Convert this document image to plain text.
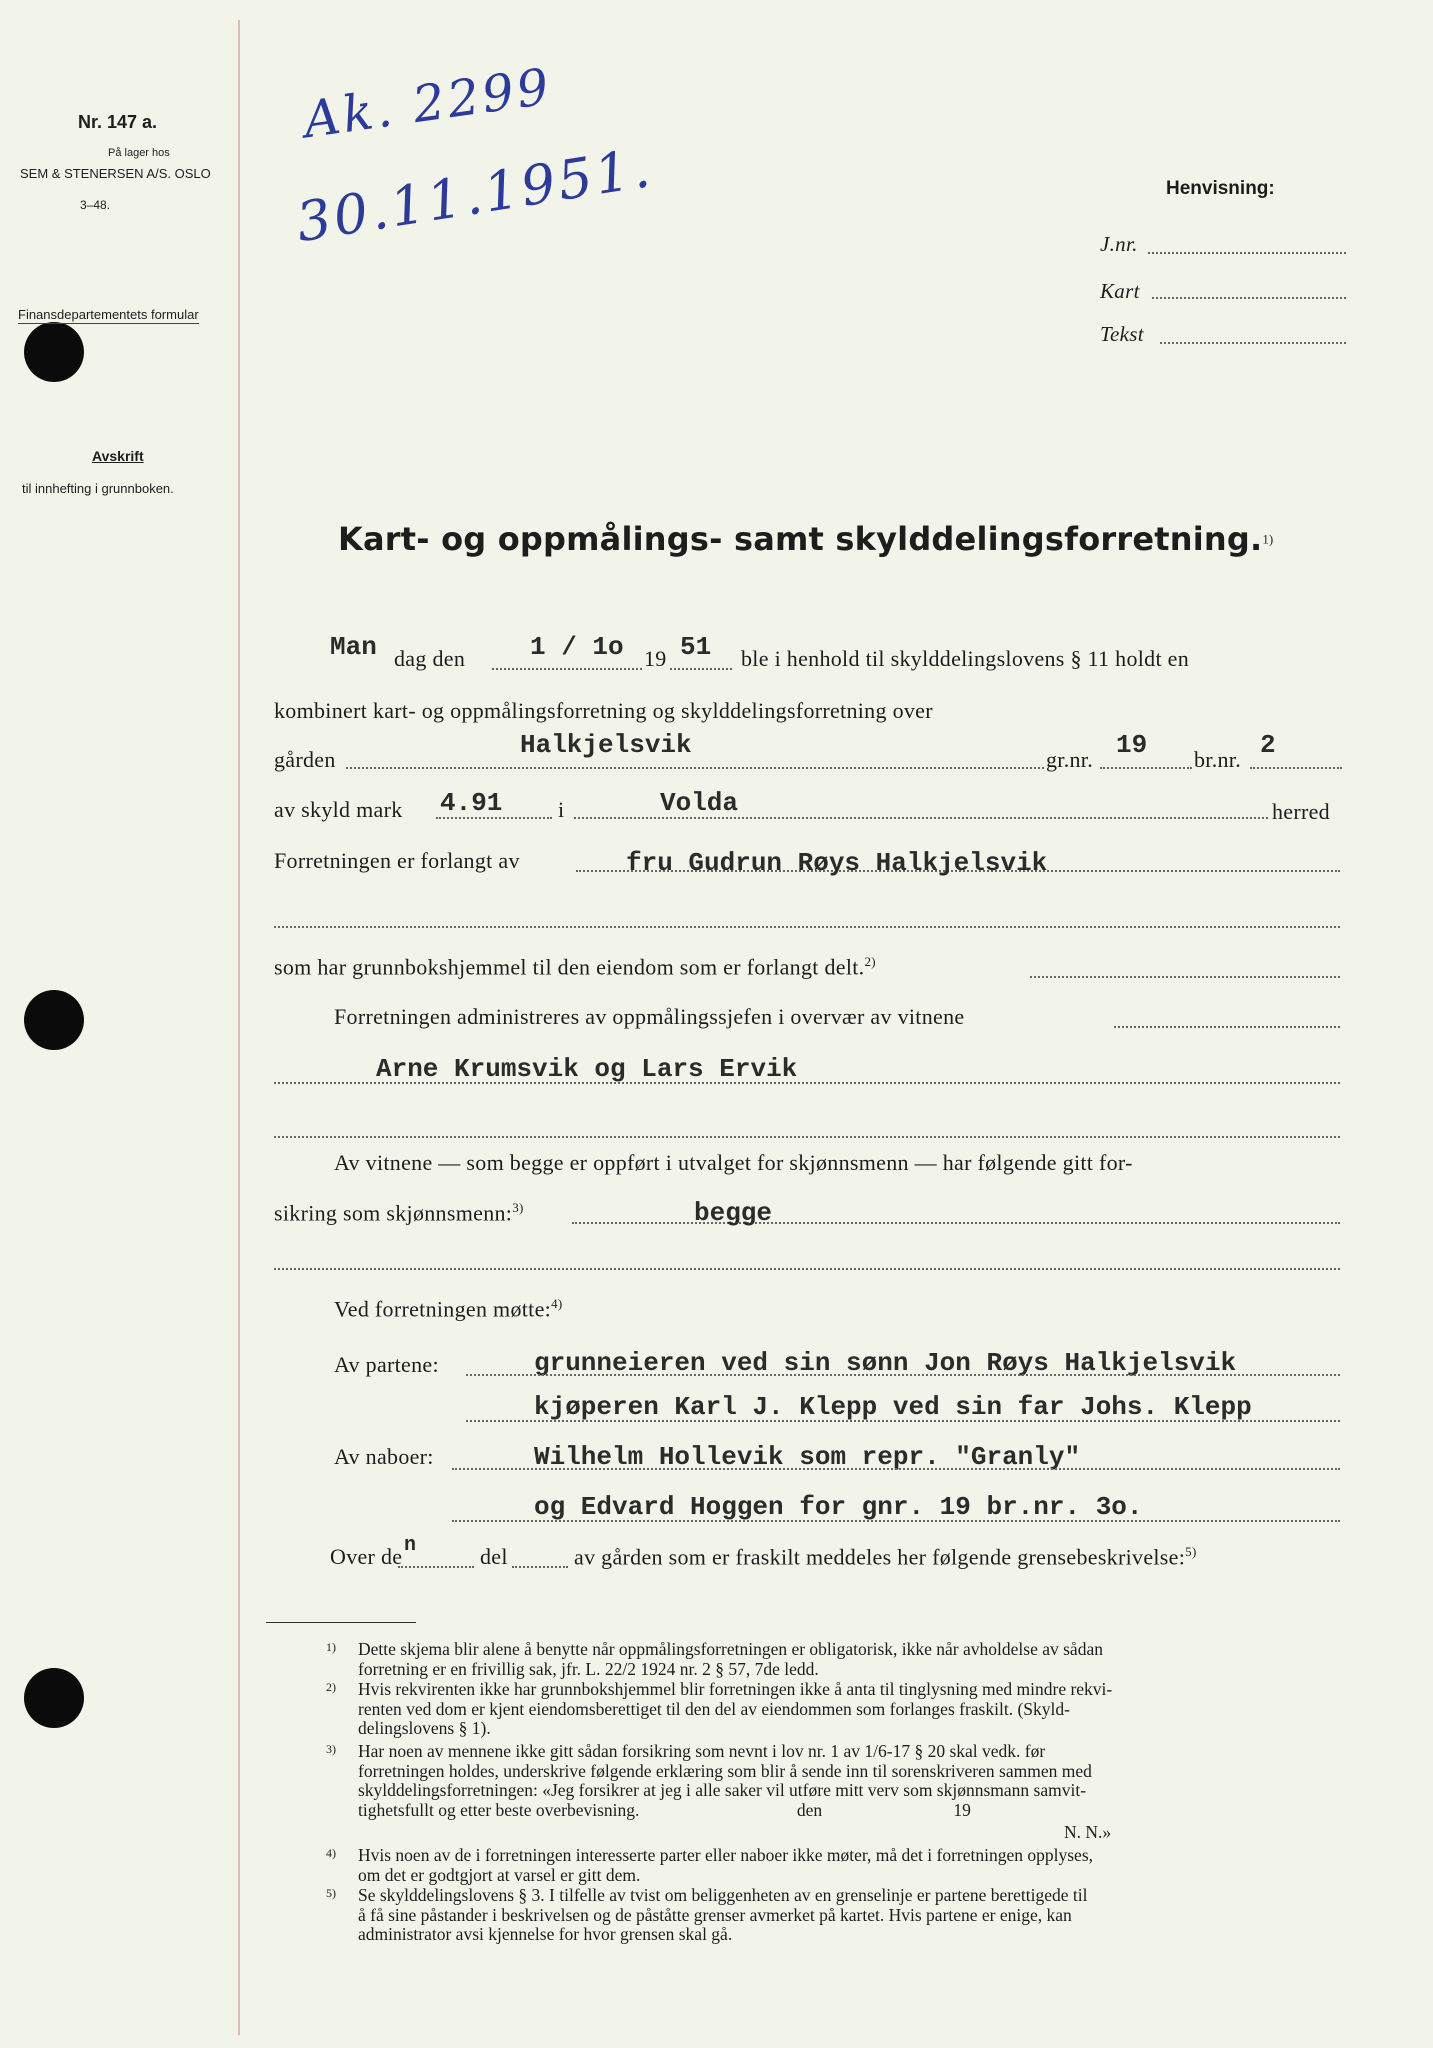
Nr. 147 a.
På lager hos
SEM & STENERSEN A/S. OSLO
3–48.
Finansdepartementets formular
Avskrift
til innhefting i grunnboken.
Ak. 2299
30.11.1951.	Henvisning:
J.nr.
Kart
Tekst
Kart- og oppmålings- samt skylddelingsforretning.$^{1)}$
Man dag den 1 / 1o 19 51 ble i henhold til skylddelingslovens § 11 holdt en
kombinert kart- og oppmålingsforretning og skylddelingsforretning over
gården	Halkjelsvik	gr.nr. 19 br.nr. 2
av skyld mark 4.91	i	Volda	herred
Forretningen er forlangt av	fru Gudrun Røys Halkjelsvik
som har grunnbokshjemmel til den eiendom som er forlangt delt.$^{2)}$
Forretningen administreres av oppmålingssjefen i overvær av vitnene
Arne Krumsvik og Lars Ervik
Av vitnene — som begge er oppført i utvalget for skjønnsmenn — har følgende gitt for-
sikring som skjønnsmenn:$^{3)}$	begge
Ved forretningen møtte:$^{4)}$
Av partene:	grunneieren ved sin sønn Jon Røys Halkjelsvik
kjøperen Karl J. Klepp ved sin far Johs. Klepp
Av naboer:	Wilhelm Hollevik som repr. "Granly"
og Edvard Hoggen for gnr. 19 br.nr. 3o.
Over de n	del	av gården som er fraskilt meddeles her følgende grensebeskrivelse:$^{5)}$
1) Dette skjema blir alene å benytte når oppmålingsforretningen er obligatorisk, ikke når avholdelse av sådan
forretning er en frivillig sak, jfr. L. 22/2 1924 nr. 2 § 57, 7de ledd.
2) Hvis rekvirenten ikke har grunnbokshjemmel blir forretningen ikke å anta til tinglysning med mindre rekvi-
renten ved dom er kjent eiendomsberettiget til den del av eiendommen som forlanges fraskilt. (Skyld-
delingslovens § 1).
3) Har noen av mennene ikke gitt sådan forsikring som nevnt i lov nr. 1 av 1/6-17 § 20 skal vedk. før
forretningen holdes, underskrive følgende erklæring som blir å sende inn til sorenskriveren sammen med
skylddelingsforretningen: «Jeg forsikrer at jeg i alle saker vil utføre mitt verv som skjønnsmann samvit-
tighetsfullt og etter beste overbevisning.                                    den                              19
N. N.»
4) Hvis noen av de i forretningen interesserte parter eller naboer ikke møter, må det i forretningen opplyses,
om det er godtgjort at varsel er gitt dem.
5) Se skylddelingslovens § 3. I tilfelle av tvist om beliggenheten av en grenselinje er partene berettigede til
å få sine påstander i beskrivelsen og de påståtte grenser avmerket på kartet. Hvis partene er enige, kan
administrator avsi kjennelse for hvor grensen skal gå.
